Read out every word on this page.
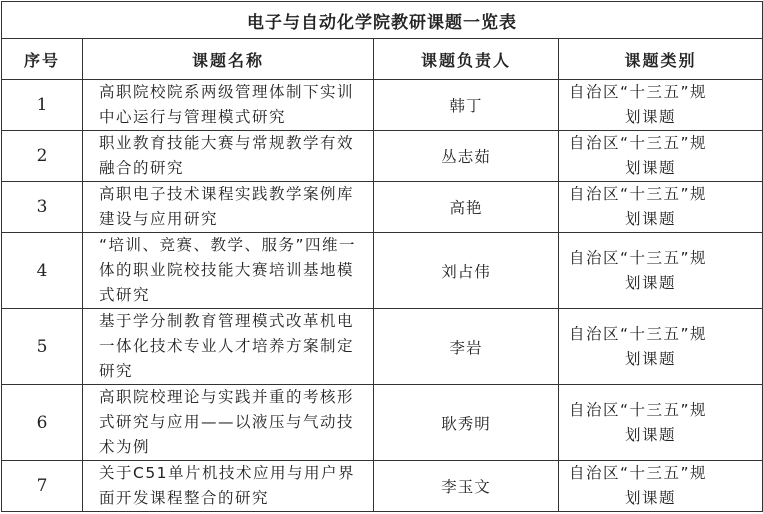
电子与自动化学院教研课题一览表			
序号	课题名称	课题负责人	课题类别
1	高职院校院系两级管理体制下实训中心运行与管理模式研究	韩丁	自治区“十三五”规
划课题

2	职业教育技能大赛与常规教学有效融合的研究	丛志茹	自治区“十三五”规
划课题

3	高职电子技术课程实践教学案例库建设与应用研究	高艳	自治区“十三五”规
划课题

4	“培训、竞赛、教学、服务”四维一体的职业院校技能大赛培训基地模式研究	刘占伟	自治区“十三五”规
划课题

5	基于学分制教育管理模式改革机电一体化技术专业人才培养方案制定研究	李岩	自治区“十三五”规
划课题

6	高职院校理论与实践并重的考核形式研究与应用——以液压与气动技术为例	耿秀明	自治区“十三五”规
划课题

7	关于C51单片机技术应用与用户界面开发课程整合的研究	李玉文	自治区“十三五”规
划课题
